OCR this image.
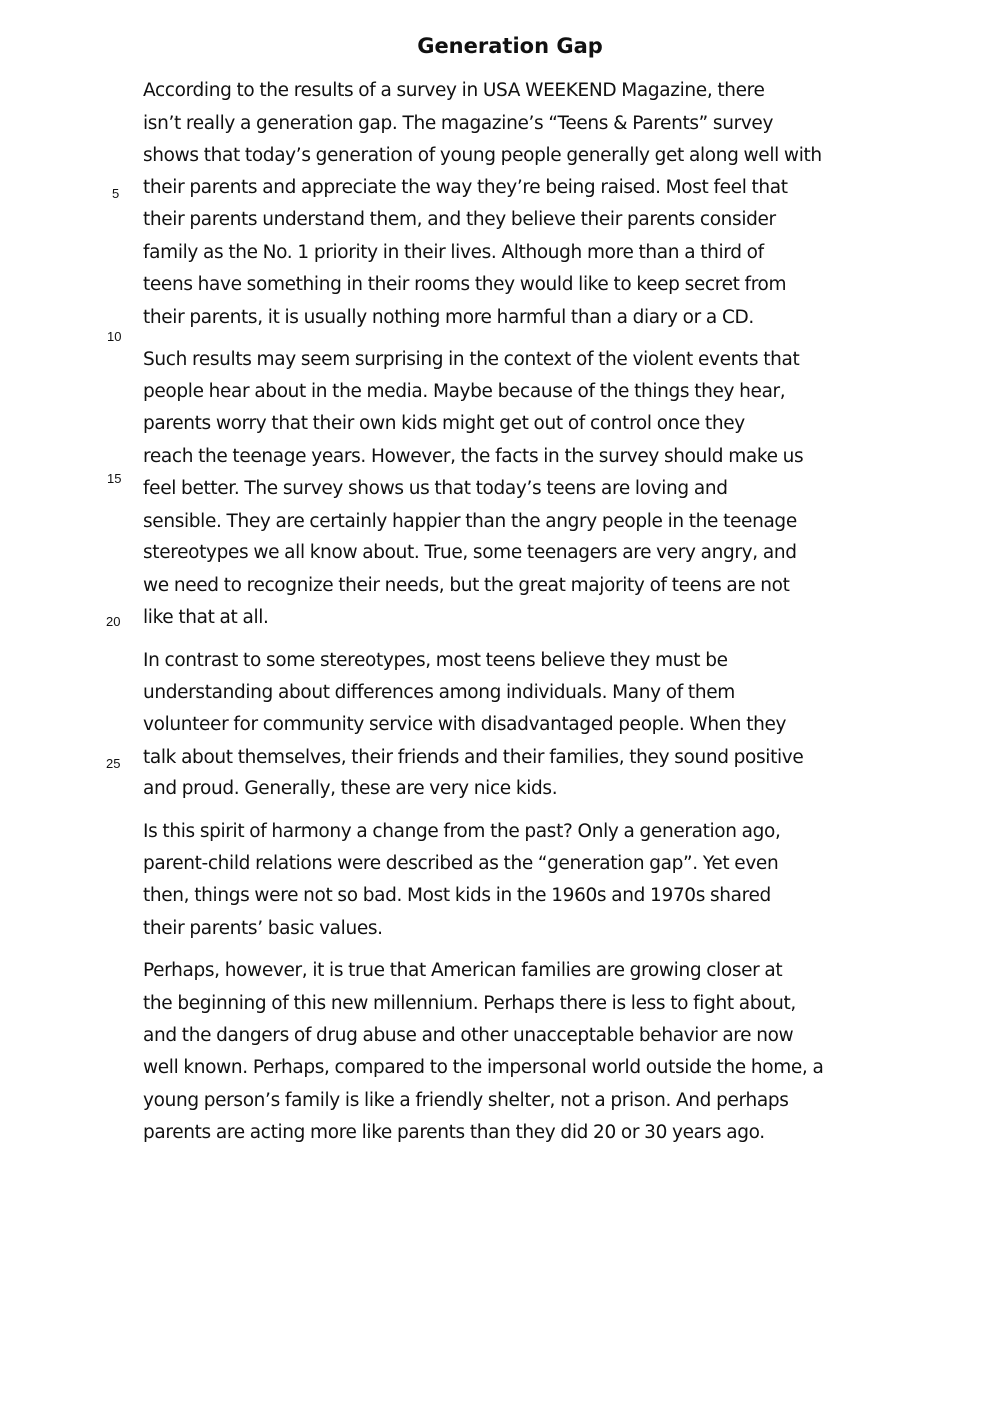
Generation Gap
5
10
15
20
25
According to the results of a survey in USA WEEKEND Magazine, there
isn’t really a generation gap. The magazine’s “Teens & Parents” survey
shows that today’s generation of young people generally get along well with
their parents and appreciate the way they’re being raised. Most feel that
their parents understand them, and they believe their parents consider
family as the No. 1 priority in their lives. Although more than a third of
teens have something in their rooms they would like to keep secret from
their parents, it is usually nothing more harmful than a diary or a CD.
Such results may seem surprising in the context of the violent events that
people hear about in the media. Maybe because of the things they hear,
parents worry that their own kids might get out of control once they
reach the teenage years. However, the facts in the survey should make us
feel better. The survey shows us that today’s teens are loving and
sensible. They are certainly happier than the angry people in the teenage
stereotypes we all know about. True, some teenagers are very angry, and
we need to recognize their needs, but the great majority of teens are not
like that at all.
In contrast to some stereotypes, most teens believe they must be
understanding about differences among individuals. Many of them
volunteer for community service with disadvantaged people. When they
talk about themselves, their friends and their families, they sound positive
and proud. Generally, these are very nice kids.
Is this spirit of harmony a change from the past? Only a generation ago,
parent-child relations were described as the “generation gap”. Yet even
then, things were not so bad. Most kids in the 1960s and 1970s shared
their parents’ basic values.
Perhaps, however, it is true that American families are growing closer at
the beginning of this new millennium. Perhaps there is less to fight about,
and the dangers of drug abuse and other unacceptable behavior are now
well known. Perhaps, compared to the impersonal world outside the home, a
young person’s family is like a friendly shelter, not a prison. And perhaps
parents are acting more like parents than they did 20 or 30 years ago.
